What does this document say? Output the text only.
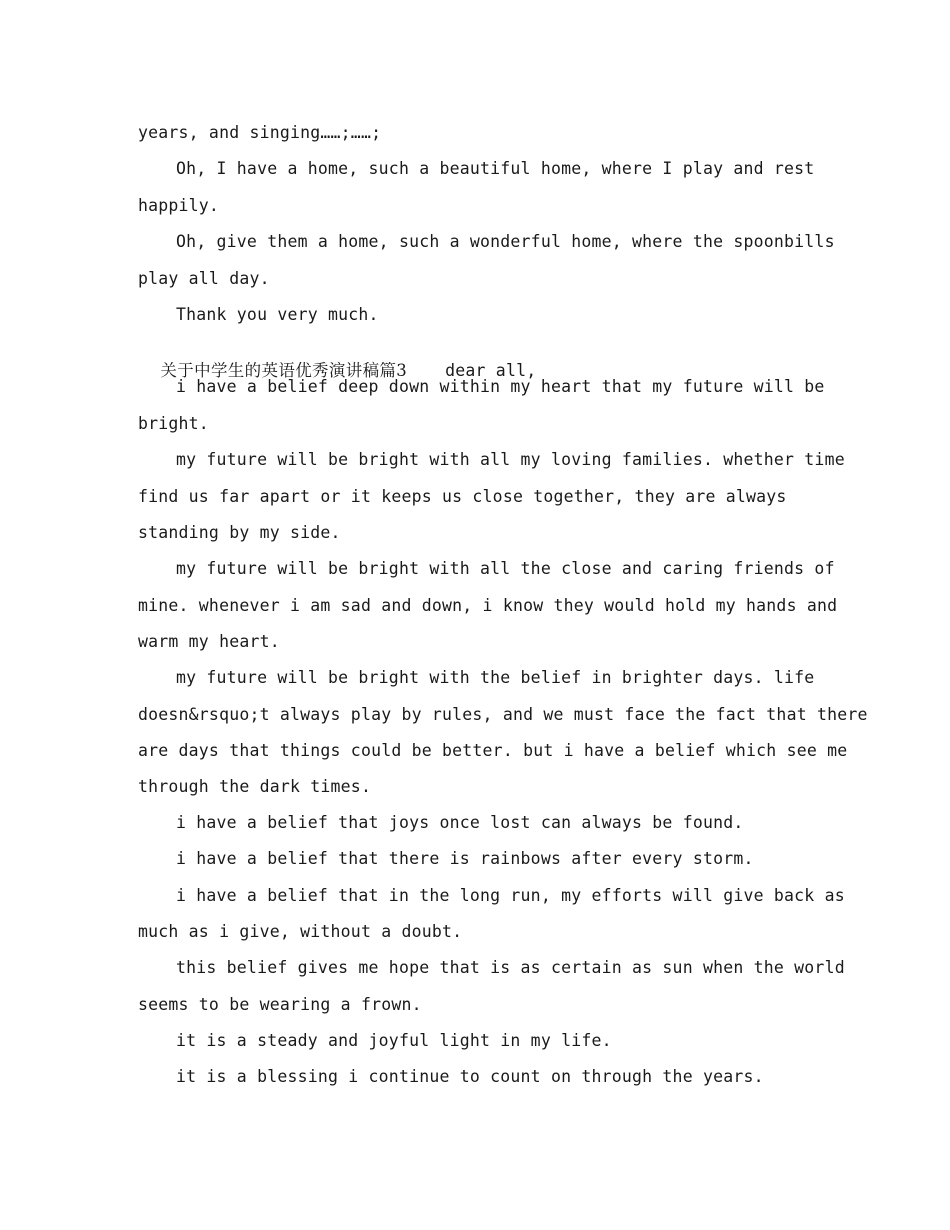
years, and singing……;……;
Oh, I have a home, such a beautiful home, where I play and rest
happily.
Oh, give them a home, such a wonderful home, where the spoonbills
play all day.
Thank you very much.

关于中学生的英语优秀演讲稿篇3 dear all,

i have a belief deep down within my heart that my future will be
bright.
my future will be bright with all my loving families. whether time
find us far apart or it keeps us close together, they are always
standing by my side.
my future will be bright with all the close and caring friends of
mine. whenever i am sad and down, i know they would hold my hands and
warm my heart.
my future will be bright with the belief in brighter days. life
doesn&rsquo;t always play by rules, and we must face the fact that there
are days that things could be better. but i have a belief which see me
through the dark times.
i have a belief that joys once lost can always be found.
i have a belief that there is rainbows after every storm.
i have a belief that in the long run, my efforts will give back as
much as i give, without a doubt.
this belief gives me hope that is as certain as sun when the world
seems to be wearing a frown.
it is a steady and joyful light in my life.
it is a blessing i continue to count on through the years.
